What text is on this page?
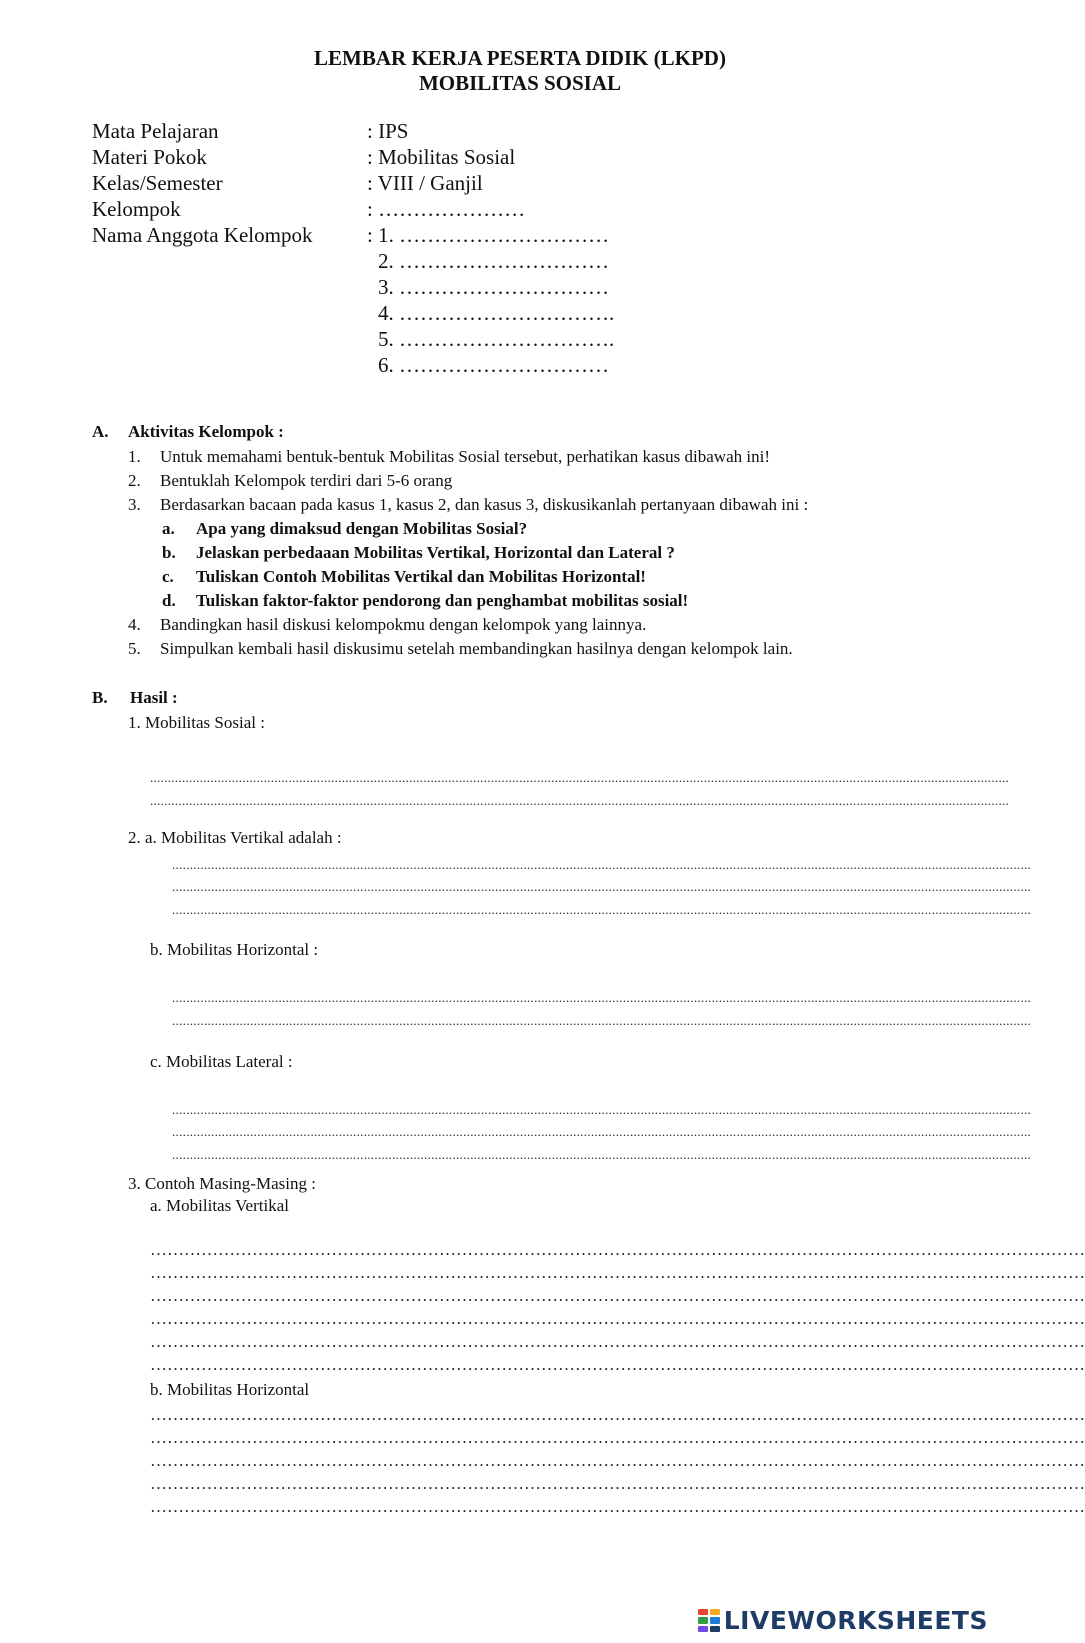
LEMBAR KERJA PESERTA DIDIK (LKPD)
MOBILITAS SOSIAL
Mata Pelajaran	: IPS
Materi Pokok	: Mobilitas Sosial
Kelas/Semester	: VIII / Ganjil
Kelompok	: …………………
Nama Anggota Kelompok	: 1. …………………………
2. …………………………
3. …………………………
4. ………………………….
5. ………………………….
6. …………………………
A. Aktivitas Kelompok :
1. Untuk memahami bentuk-bentuk Mobilitas Sosial tersebut, perhatikan kasus dibawah ini!
2. Bentuklah Kelompok terdiri dari 5-6 orang
3. Berdasarkan bacaan pada kasus 1, kasus 2, dan kasus 3, diskusikanlah pertanyaan dibawah ini :
a. Apa yang dimaksud dengan Mobilitas Sosial?
b. Jelaskan perbedaaan Mobilitas Vertikal, Horizontal dan Lateral ?
c. Tuliskan Contoh Mobilitas Vertikal dan Mobilitas Horizontal!
d. Tuliskan faktor-faktor pendorong dan penghambat mobilitas sosial!
4. Bandingkan hasil diskusi kelompokmu dengan kelompok yang lainnya.
5. Simpulkan kembali hasil diskusimu setelah membandingkan hasilnya dengan kelompok lain.
B. Hasil :
1. Mobilitas Sosial :
..................................................................................................................................................................................................................................................
..................................................................................................................................................................................................................................................
2. a. Mobilitas Vertikal adalah :
..................................................................................................................................................................................................................................................
..................................................................................................................................................................................................................................................
..................................................................................................................................................................................................................................................
b. Mobilitas Horizontal :
..................................................................................................................................................................................................................................................
..................................................................................................................................................................................................................................................
c. Mobilitas Lateral :
..................................................................................................................................................................................................................................................
..................................................................................................................................................................................................................................................
..................................................................................................................................................................................................................................................
3. Contoh Masing-Masing :
a. Mobilitas Vertikal
…………………………………………………………………………………………………………………………………………………
…………………………………………………………………………………………………………………………………………………
…………………………………………………………………………………………………………………………………………………
…………………………………………………………………………………………………………………………………………………
…………………………………………………………………………………………………………………………………………………
…………………………………………………………………………………………………………………………………………………
b. Mobilitas Horizontal
…………………………………………………………………………………………………………………………………………………
…………………………………………………………………………………………………………………………………………………
…………………………………………………………………………………………………………………………………………………
…………………………………………………………………………………………………………………………………………………
…………………………………………………………………………………………………………………………………………………
LIVEWORKSHEETS
